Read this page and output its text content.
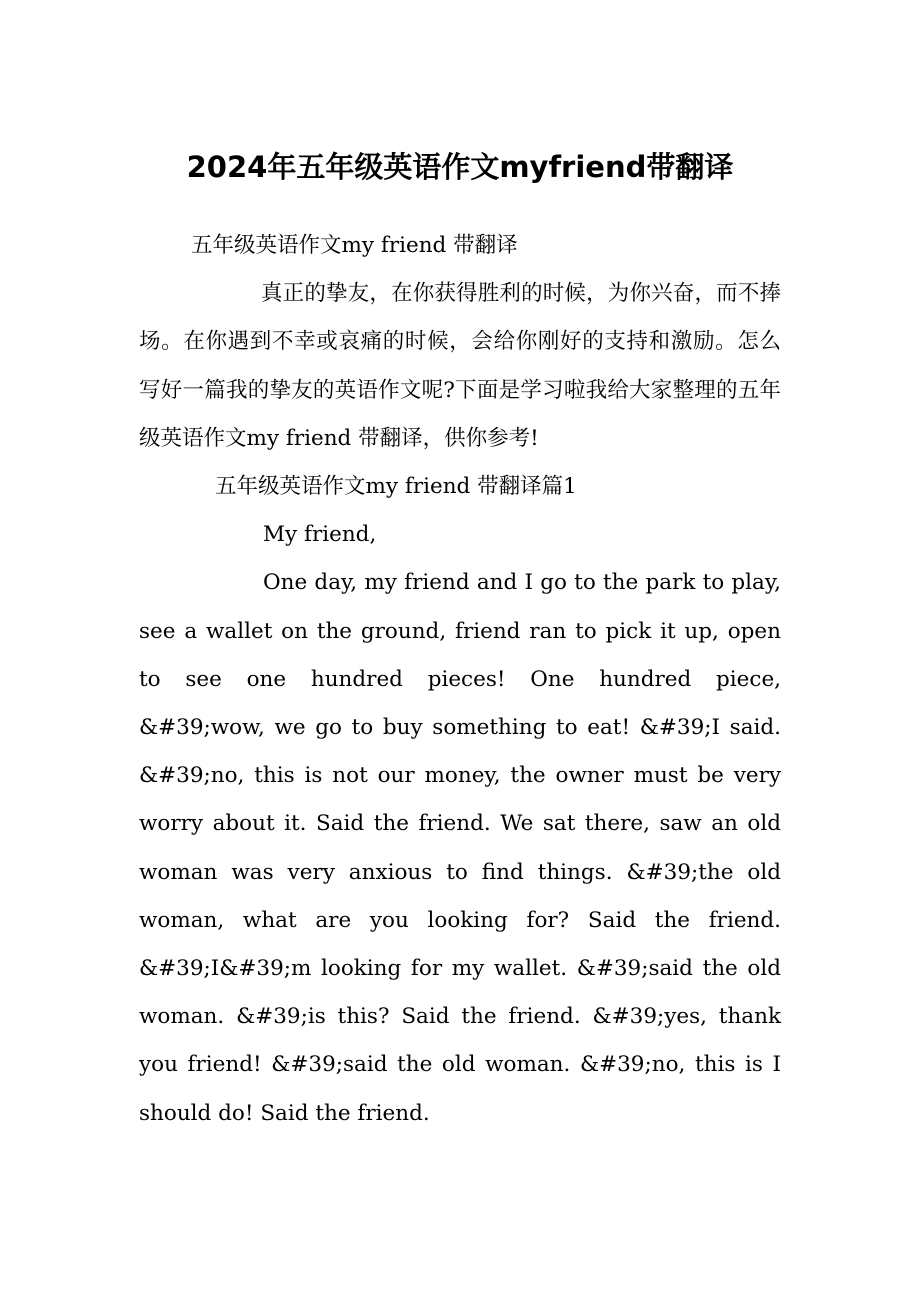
2024年五年级英语作文myfriend带翻译

五年级英语作文my friend 带翻译

真正的挚友，在你获得胜利的时候，为你兴奋，而不捧场。在你遇到不幸或哀痛的时候，会给你刚好的支持和激励。怎么写好一篇我的挚友的英语作文呢?下面是学习啦我给大家整理的五年级英语作文my friend 带翻译，供你参考!

五年级英语作文my friend 带翻译篇1

My friend,

One day, my friend and I go to the park to play, see a wallet on the ground, friend ran to pick it up, open to see one hundred pieces! One hundred piece, &#39;wow, we go to buy something to eat! &#39;I said. &#39;no, this is not our money, the owner must be very worry about it. Said the friend. We sat there, saw an old woman was very anxious to find things. &#39;the old woman, what are you looking for? Said the friend. &#39;I&#39;m looking for my wallet. &#39;said the old woman. &#39;is this? Said the friend. &#39;yes, thank you friend! &#39;said the old woman. &#39;no, this is I should do! Said the friend.
